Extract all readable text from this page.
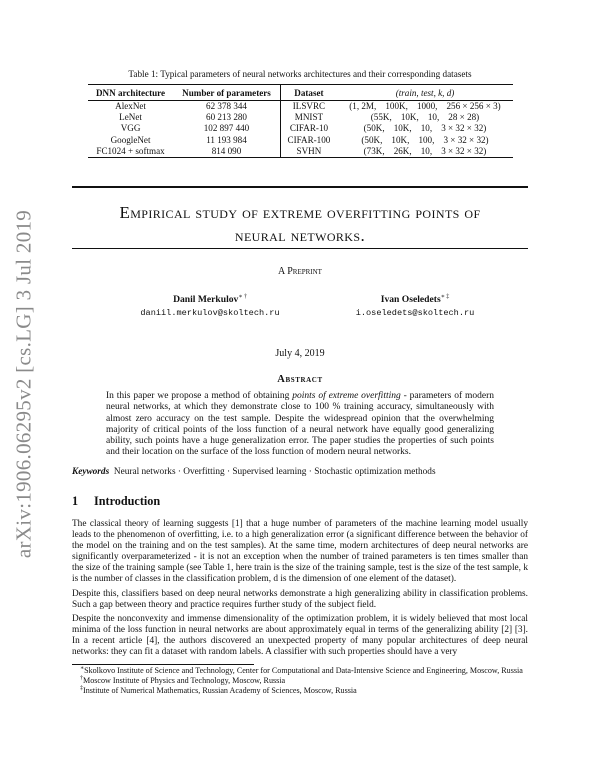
arXiv:1906.06295v2 [cs.LG] 3 Jul 2019
Table 1: Typical parameters of neural networks architectures and their corresponding datasets
DNN architecture	Number of parameters	Dataset	(train, test, k, d)
AlexNet	62 378 344	ILSVRC	(1, 2M,    100K,    1000,    256 × 256 × 3)
LeNet	60 213 280	MNIST	(55K,    10K,    10,    28 × 28)
VGG	102 897 440	CIFAR-10	(50K,    10K,    10,    3 × 32 × 32)
GoogleNet	11 193 984	CIFAR-100	(50K,    10K,    100,    3 × 32 × 32)
FC1024 + softmax	814 090	SVHN	(73K,    26K,    10,    3 × 32 × 32)
Empirical study of extreme overfitting points of
neural networks.
A Preprint
Danil Merkulov∗ †
daniil.merkulov@skoltech.ru
Ivan Oseledets∗ ‡
i.oseledets@skoltech.ru
July 4, 2019
Abstract
In this paper we propose a method of obtaining points of extreme overfitting - parameters of modern neural networks, at which they demonstrate close to 100 % training accuracy, simultaneously with almost zero accuracy on the test sample. Despite the widespread opinion that the overwhelming majority of critical points of the loss function of a neural network have equally good generalizing ability, such points have a huge generalization error. The paper studies the properties of such points and their location on the surface of the loss function of modern neural networks.
Keywords Neural networks · Overfitting · Supervised learning · Stochastic optimization methods
1 Introduction
The classical theory of learning suggests [1] that a huge number of parameters of the machine learning model usually leads to the phenomenon of overfitting, i.e. to a high generalization error (a significant difference between the behavior of the model on the training and on the test samples). At the same time, modern architectures of deep neural networks are significantly overparameterized - it is not an exception when the number of trained parameters is ten times smaller than the size of the training sample (see Table 1, here train is the size of the training sample, test is the size of the test sample, k is the number of classes in the classification problem, d is the dimension of one element of the dataset).
Despite this, classifiers based on deep neural networks demonstrate a high generalizing ability in classification problems. Such a gap between theory and practice requires further study of the subject field.
Despite the nonconvexity and immense dimensionality of the optimization problem, it is widely believed that most local minima of the loss function in neural networks are about approximately equal in terms of the generalizing ability [2] [3]. In a recent article [4], the authors discovered an unexpected property of many popular architectures of deep neural networks: they can fit a dataset with random labels. A classifier with such properties should have a very
∗Skolkovo Institute of Science and Technology, Center for Computational and Data-Intensive Science and Engineering, Moscow, Russia
†Moscow Institute of Physics and Technology, Moscow, Russia
‡Institute of Numerical Mathematics, Russian Academy of Sciences, Moscow, Russia
